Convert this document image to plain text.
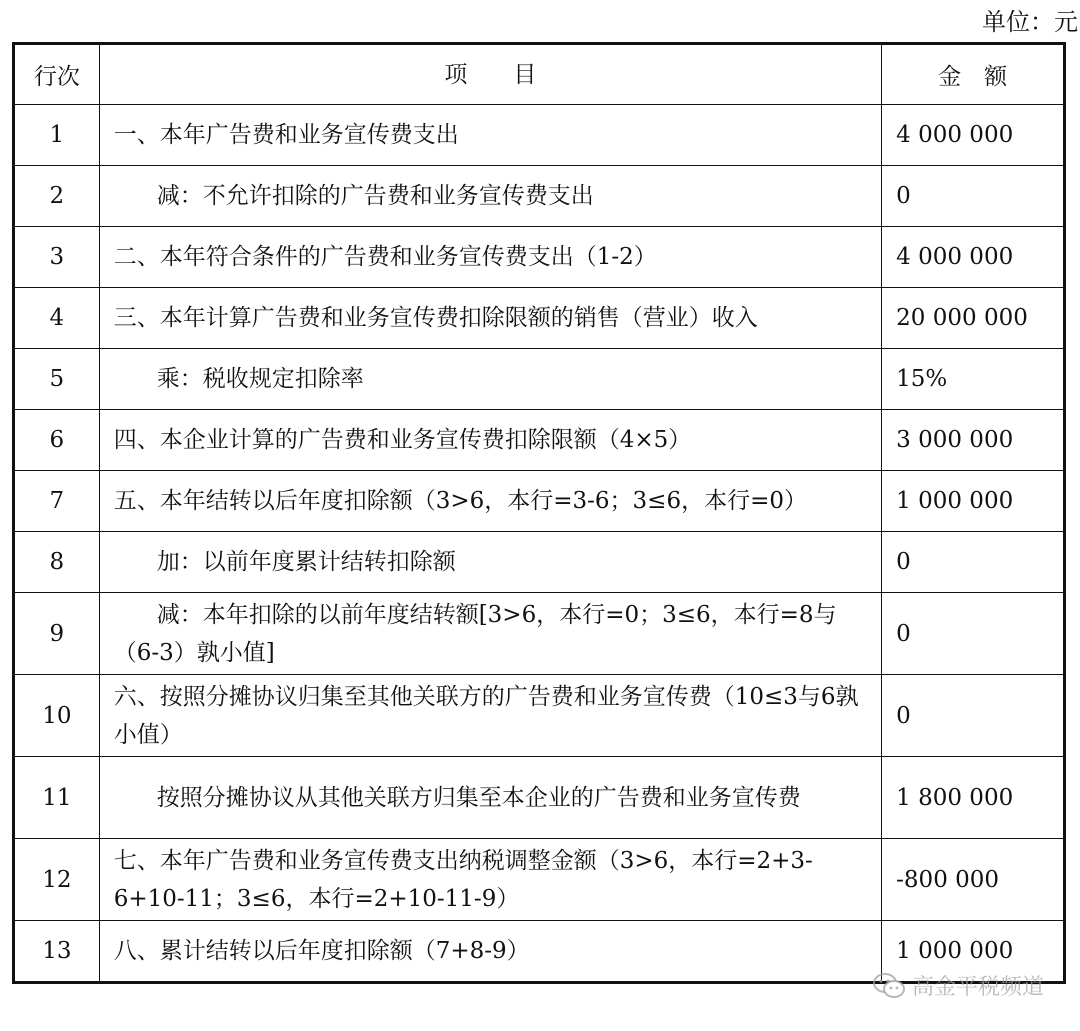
单位：元
行次	项　　目	金　额
1	一、本年广告费和业务宣传费支出	4 000 000
2	减：不允许扣除的广告费和业务宣传费支出	0
3	二、本年符合条件的广告费和业务宣传费支出（1-2）	4 000 000
4	三、本年计算广告费和业务宣传费扣除限额的销售（营业）收入	20 000 000
5	乘：税收规定扣除率	15%
6	四、本企业计算的广告费和业务宣传费扣除限额（4×5）	3 000 000
7	五、本年结转以后年度扣除额（3>6，本行=3-6；3≤6，本行=0）	1 000 000
8	加：以前年度累计结转扣除额	0
9	减：本年扣除的以前年度结转额[3>6，本行=0；3≤6，本行=8与（6-3）孰小值]	0
10	六、按照分摊协议归集至其他关联方的广告费和业务宣传费（10≤3与6孰小值）	0
11	按照分摊协议从其他关联方归集至本企业的广告费和业务宣传费	1 800 000
12	七、本年广告费和业务宣传费支出纳税调整金额（3>6，本行=2+3-6+10-11；3≤6，本行=2+10-11-9）	-800 000
13	八、累计结转以后年度扣除额（7+8-9）	1 000 000
高金平税频道
